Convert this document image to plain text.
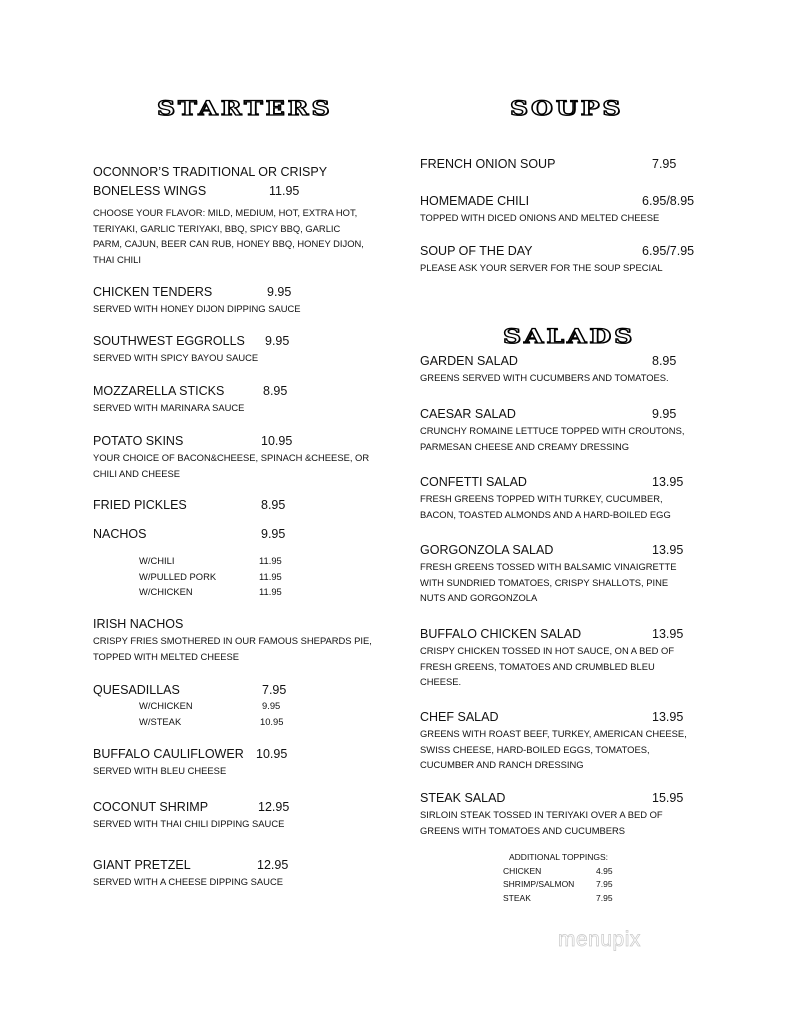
STARTERS	SOUPS
SALADS
OCONNOR’S TRADITIONAL OR CRISPY
BONELESS WINGS	11.95
CHOOSE YOUR FLAVOR: MILD, MEDIUM, HOT, EXTRA HOT,
TERIYAKI, GARLIC TERIYAKI, BBQ, SPICY BBQ, GARLIC
PARM, CAJUN, BEER CAN RUB, HONEY BBQ, HONEY DIJON,
THAI CHILI
CHICKEN TENDERS	9.95
SERVED WITH HONEY DIJON DIPPING SAUCE
SOUTHWEST EGGROLLS 9.95
SERVED WITH SPICY BAYOU SAUCE
MOZZARELLA STICKS	8.95
SERVED WITH MARINARA SAUCE
POTATO SKINS	10.95
YOUR CHOICE OF BACON&CHEESE, SPINACH &CHEESE, OR
CHILI AND CHEESE
FRIED PICKLES	8.95
NACHOS	9.95
W/CHILI	11.95
W/PULLED PORK	11.95
W/CHICKEN	11.95
IRISH NACHOS
CRISPY FRIES SMOTHERED IN OUR FAMOUS SHEPARDS PIE,
TOPPED WITH MELTED CHEESE
QUESADILLAS	7.95
W/CHICKEN	9.95
W/STEAK	10.95
BUFFALO CAULIFLOWER 10.95
SERVED WITH BLEU CHEESE
COCONUT SHRIMP	12.95
SERVED WITH THAI CHILI DIPPING SAUCE
GIANT PRETZEL	12.95
SERVED WITH A CHEESE DIPPING SAUCE
FRENCH ONION SOUP	7.95
HOMEMADE CHILI	6.95/8.95
TOPPED WITH DICED ONIONS AND MELTED CHEESE
SOUP OF THE DAY	6.95/7.95
PLEASE ASK YOUR SERVER FOR THE SOUP SPECIAL
GARDEN SALAD	8.95
GREENS SERVED WITH CUCUMBERS AND TOMATOES.
CAESAR SALAD	9.95
CRUNCHY ROMAINE LETTUCE TOPPED WITH CROUTONS,
PARMESAN CHEESE AND CREAMY DRESSING
CONFETTI SALAD	13.95
FRESH GREENS TOPPED WITH TURKEY, CUCUMBER,
BACON, TOASTED ALMONDS AND A HARD-BOILED EGG
GORGONZOLA SALAD	13.95
FRESH GREENS TOSSED WITH BALSAMIC VINAIGRETTE
WITH SUNDRIED TOMATOES, CRISPY SHALLOTS, PINE
NUTS AND GORGONZOLA
BUFFALO CHICKEN SALAD	13.95
CRISPY CHICKEN TOSSED IN HOT SAUCE, ON A BED OF
FRESH GREENS, TOMATOES AND CRUMBLED BLEU
CHEESE.
CHEF SALAD	13.95
GREENS WITH ROAST BEEF, TURKEY, AMERICAN CHEESE,
SWISS CHEESE, HARD-BOILED EGGS, TOMATOES,
CUCUMBER AND RANCH DRESSING
STEAK SALAD	15.95
SIRLOIN STEAK TOSSED IN TERIYAKI OVER A BED OF
GREENS WITH TOMATOES AND CUCUMBERS
ADDITIONAL TOPPINGS:
CHICKEN	4.95
SHRIMP/SALMON	7.95
STEAK	7.95
menupix
